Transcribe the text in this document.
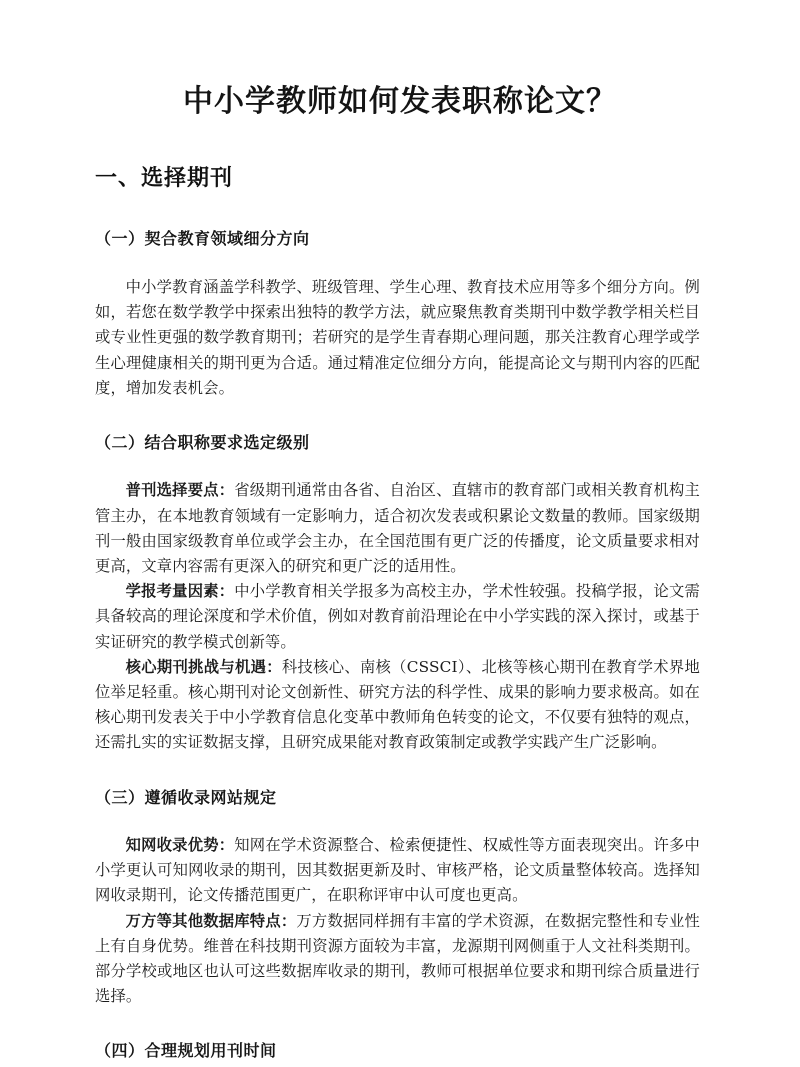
中小学教师如何发表职称论文？
一、选择期刊
（一）契合教育领域细分方向

中小学教育涵盖学科教学、班级管理、学生心理、教育技术应用等多个细分方向。例如，若您在数学教学中探索出独特的教学方法，就应聚焦教育类期刊中数学教学相关栏目或专业性更强的数学教育期刊；若研究的是学生青春期心理问题，那关注教育心理学或学生心理健康相关的期刊更为合适。通过精准定位细分方向，能提高论文与期刊内容的匹配度，增加发表机会。

（二）结合职称要求选定级别

普刊选择要点：省级期刊通常由各省、自治区、直辖市的教育部门或相关教育机构主管主办，在本地教育领域有一定影响力，适合初次发表或积累论文数量的教师。国家级期刊一般由国家级教育单位或学会主办，在全国范围有更广泛的传播度，论文质量要求相对更高，文章内容需有更深入的研究和更广泛的适用性。

学报考量因素：中小学教育相关学报多为高校主办，学术性较强。投稿学报，论文需具备较高的理论深度和学术价值，例如对教育前沿理论在中小学实践的深入探讨，或基于实证研究的教学模式创新等。

核心期刊挑战与机遇：科技核心、南核（CSSCI）、北核等核心期刊在教育学术界地位举足轻重。核心期刊对论文创新性、研究方法的科学性、成果的影响力要求极高。如在核心期刊发表关于中小学教育信息化变革中教师角色转变的论文，不仅要有独特的观点，还需扎实的实证数据支撑，且研究成果能对教育政策制定或教学实践产生广泛影响。

（三）遵循收录网站规定

知网收录优势：知网在学术资源整合、检索便捷性、权威性等方面表现突出。许多中小学更认可知网收录的期刊，因其数据更新及时、审核严格，论文质量整体较高。选择知网收录期刊，论文传播范围更广，在职称评审中认可度也更高。

万方等其他数据库特点：万方数据同样拥有丰富的学术资源，在数据完整性和专业性上有自身优势。维普在科技期刊资源方面较为丰富，龙源期刊网侧重于人文社科类期刊。部分学校或地区也认可这些数据库收录的期刊，教师可根据单位要求和期刊综合质量进行选择。

（四）合理规划用刊时间
